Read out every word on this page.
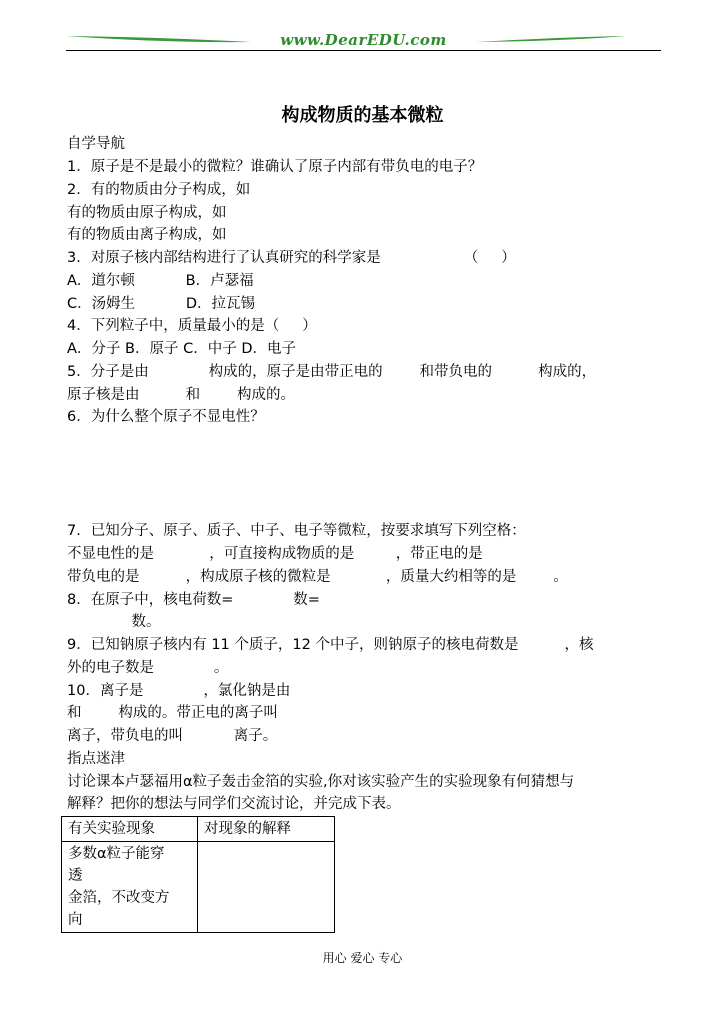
www.DearEDU.com
构成物质的基本微粒
自学导航
1．原子是不是最小的微粒？谁确认了原子内部有带负电的电子？
2．有的物质由分子构成，如
有的物质由原子构成，如
有的物质由离子构成，如
3．对原子核内部结构进行了认真研究的科学家是                  （     ）
A．道尔顿           B．卢瑟福
C．汤姆生           D．拉瓦锡
4．下列粒子中，质量最小的是（     ）
A．分子 B．原子 C．中子 D．电子
5．分子是由             构成的，原子是由带正电的        和带负电的          构成的，
原子核是由          和        构成的。
6．为什么整个原子不显电性？
7．已知分子、原子、质子、中子、电子等微粒，按要求填写下列空格：
不显电性的是            ，可直接构成物质的是         ，带正电的是
带负电的是          ，构成原子核的微粒是            ，质量大约相等的是        。
8．在原子中，核电荷数=             数=
数。
9．已知钠原子核内有 11 个质子，12 个中子，则钠原子的核电荷数是          ，核
外的电子数是             。
10．离子是             ，氯化钠是由
和        构成的。带正电的离子叫
离子，带负电的叫           离子。
指点迷津
讨论课本卢瑟福用α粒子轰击金箔的实验,你对该实验产生的实验现象有何猜想与
解释？把你的想法与同学们交流讨论，并完成下表。
有关实验现象	对现象的解释

多数α粒子能穿
透
金箔，不改变方
向	

用心 爱心 专心
